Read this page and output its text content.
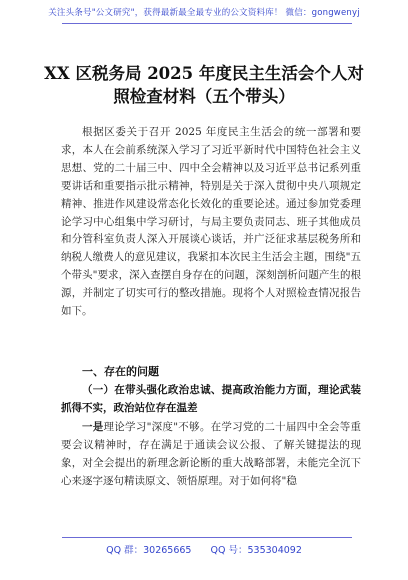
关注头条号"公文研究"，获得最新最全最专业的公文资料库！ 微信：gongwenyj
XX 区税务局 2025 年度民主生活会个人对
照检查材料（五个带头）

根据区委关于召开 2025 年度民主生活会的统一部署和要求，本人在会前系统深入学习了习近平新时代中国特色社会主义思想、党的二十届三中、四中全会精神以及习近平总书记系列重要讲话和重要指示批示精神，特别是关于深入贯彻中央八项规定精神、推进作风建设常态化长效化的重要论述。通过参加党委理论学习中心组集中学习研讨，与局主要负责同志、班子其他成员和分管科室负责人深入开展谈心谈话，并广泛征求基层税务所和纳税人缴费人的意见建议，我紧扣本次民主生活会主题，围绕"五个带头"要求，深入查摆自身存在的问题，深刻剖析问题产生的根源，并制定了切实可行的整改措施。现将个人对照检查情况报告如下。

一、存在的问题
（一）在带头强化政治忠诚、提高政治能力方面，理论武装抓得不实，政治站位存在温差

一是理论学习"深度"不够。在学习党的二十届四中全会等重要会议精神时，存在满足于通读会议公报、了解关键提法的现象，对全会提出的新理念新论断的重大战略部署，未能完全沉下心来逐字逐句精读原文、领悟原理。对于如何将"稳

QQ 群：30265665 QQ 号：535304092
